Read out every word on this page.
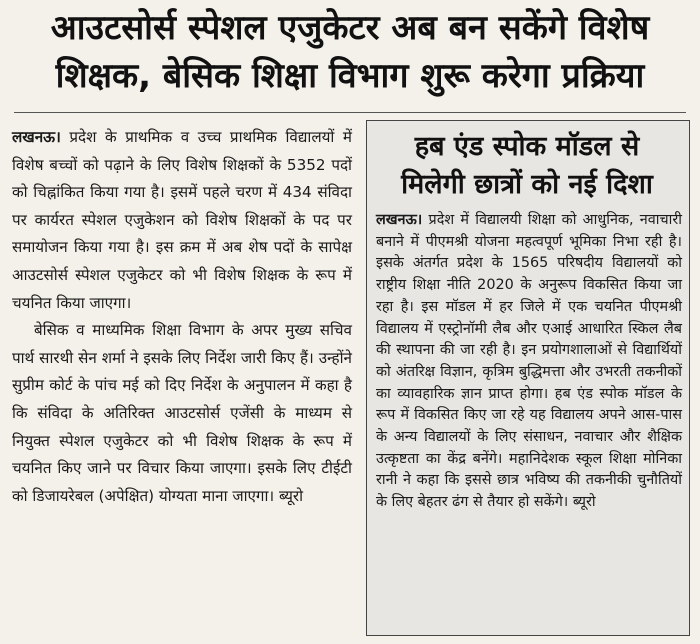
आउटसोर्स स्पेशल एजुकेटर अब बन सकेंगे विशेष
शिक्षक, बेसिक शिक्षा विभाग शुरू करेगा प्रक्रिया

लखनऊ। प्रदेश के प्राथमिक व उच्च प्राथमिक विद्यालयों में विशेष बच्चों को पढ़ाने के लिए विशेष शिक्षकों के 5352 पदों को चिह्नांकित किया गया है। इसमें पहले चरण में 434 संविदा पर कार्यरत स्पेशल एजुकेशन को विशेष शिक्षकों के पद पर समायोजन किया गया है। इस क्रम में अब शेष पदों के सापेक्ष आउटसोर्स स्पेशल एजुकेटर को भी विशेष शिक्षक के रूप में चयनित किया जाएगा।

बेसिक व माध्यमिक शिक्षा विभाग के अपर मुख्य सचिव पार्थ सारथी सेन शर्मा ने इसके लिए निर्देश जारी किए हैं। उन्होंने सुप्रीम कोर्ट के पांच मई को दिए निर्देश के अनुपालन में कहा है कि संविदा के अतिरिक्त आउटसोर्स एजेंसी के माध्यम से नियुक्त स्पेशल एजुकेटर को भी विशेष शिक्षक के रूप में चयनित किए जाने पर विचार किया जाएगा। इसके लिए टीईटी को डिजायरेबल (अपेक्षित) योग्यता माना जाएगा। ब्यूरो

हब एंड स्पोक मॉडल से
मिलेगी छात्रों को नई दिशा

लखनऊ। प्रदेश में विद्यालयी शिक्षा को आधुनिक, नवाचारी बनाने में पीएमश्री योजना महत्वपूर्ण भूमिका निभा रही है। इसके अंतर्गत प्रदेश के 1565 परिषदीय विद्यालयों को राष्ट्रीय शिक्षा नीति 2020 के अनुरूप विकसित किया जा रहा है। इस मॉडल में हर जिले में एक चयनित पीएमश्री विद्यालय में एस्ट्रोनॉमी लैब और एआई आधारित स्किल लैब की स्थापना की जा रही है। इन प्रयोगशालाओं से विद्यार्थियों को अंतरिक्ष विज्ञान, कृत्रिम बुद्धिमत्ता और उभरती तकनीकों का व्यावहारिक ज्ञान प्राप्त होगा। हब एंड स्पोक मॉडल के रूप में विकसित किए जा रहे यह विद्यालय अपने आस-पास के अन्य विद्यालयों के लिए संसाधन, नवाचार और शैक्षिक उत्कृष्टता का केंद्र बनेंगे। महानिदेशक स्कूल शिक्षा मोनिका रानी ने कहा कि इससे छात्र भविष्य की तकनीकी चुनौतियों के लिए बेहतर ढंग से तैयार हो सकेंगे। ब्यूरो
